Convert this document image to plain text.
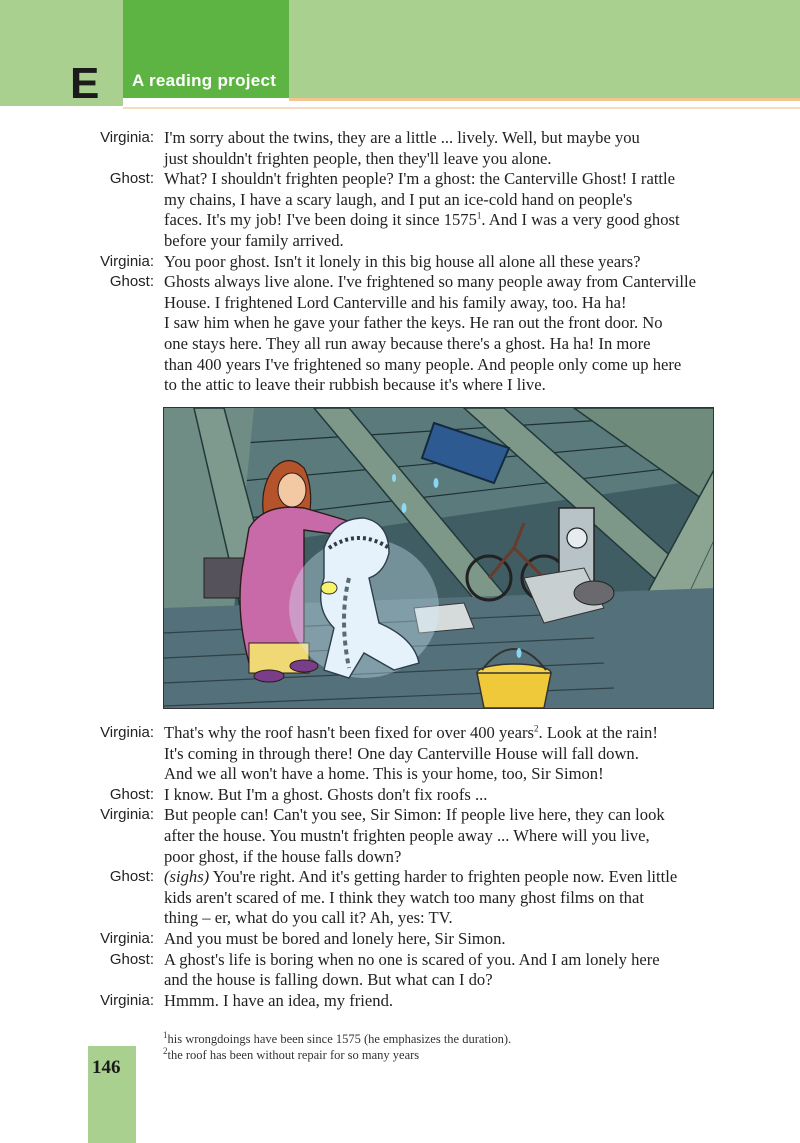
E A reading project
Virginia: I'm sorry about the twins, they are a little ... lively. Well, but maybe you
just shouldn't frighten people, then they'll leave you alone.
Ghost: What? I shouldn't frighten people? I'm a ghost: the Canterville Ghost! I rattle
my chains, I have a scary laugh, and I put an ice-cold hand on people's
faces. It's my job! I've been doing it since 1575$^1$. And I was a very good ghost
before your family arrived.
Virginia: You poor ghost. Isn't it lonely in this big house all alone all these years?
Ghost: Ghosts always live alone. I've frightened so many people away from Canterville
House. I frightened Lord Canterville and his family away, too. Ha ha!
I saw him when he gave your father the keys. He ran out the front door. No
one stays here. They all run away because there's a ghost. Ha ha! In more
than 400 years I've frightened so many people. And people only come up here
to the attic to leave their rubbish because it's where I live.
Virginia: That's why the roof hasn't been fixed for over 400 years$^2$. Look at the rain!
It's coming in through there! One day Canterville House will fall down.
And we all won't have a home. This is your home, too, Sir Simon!
Ghost: I know. But I'm a ghost. Ghosts don't fix roofs ...
Virginia: But people can! Can't you see, Sir Simon: If people live here, they can look
after the house. You mustn't frighten people away ... Where will you live,
poor ghost, if the house falls down?
Ghost: (sighs) You're right. And it's getting harder to frighten people now. Even little
kids aren't scared of me. I think they watch too many ghost films on that
thing – er, what do you call it? Ah, yes: TV.
Virginia: And you must be bored and lonely here, Sir Simon.
Ghost: A ghost's life is boring when no one is scared of you. And I am lonely here
and the house is falling down. But what can I do?
Virginia: Hmmm. I have an idea, my friend.
$^1$his wrongdoings have been since 1575 (he emphasizes the duration).
$^2$the roof has been without repair for so many years
146
